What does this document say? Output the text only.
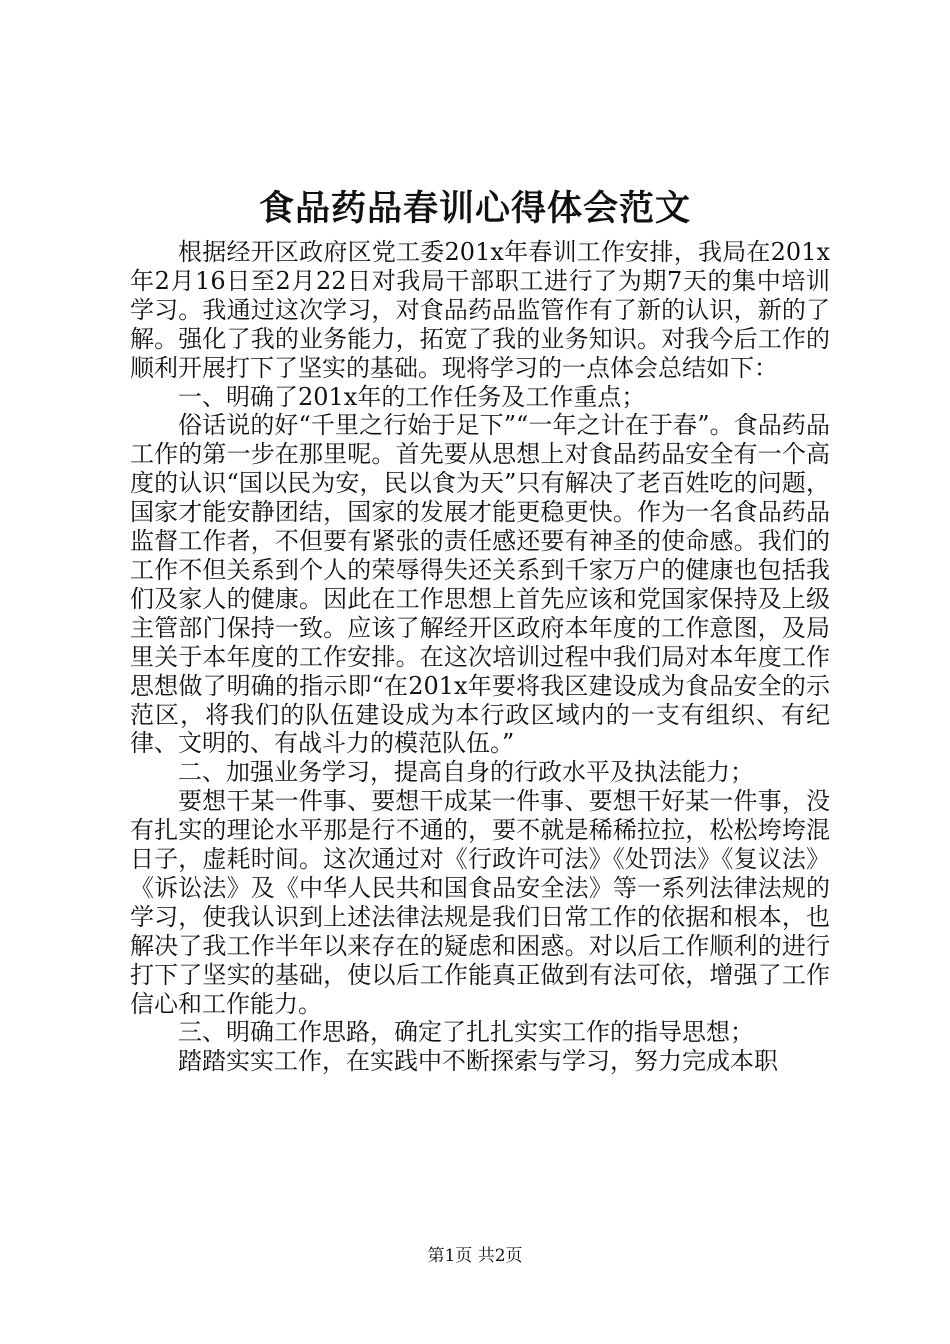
食品药品春训心得体会范文

根据经开区政府区党工委201x年春训工作安排，我局在201x年2月16日至2月22日对我局干部职工进行了为期7天的集中培训学习。我通过这次学习，对食品药品监管作有了新的认识，新的了解。强化了我的业务能力，拓宽了我的业务知识。对我今后工作的顺利开展打下了坚实的基础。现将学习的一点体会总结如下：

一、明确了201x年的工作任务及工作重点；

俗话说的好“千里之行始于足下”“一年之计在于春”。食品药品工作的第一步在那里呢。首先要从思想上对食品药品安全有一个高度的认识“国以民为安，民以食为天”只有解决了老百姓吃的问题，国家才能安静团结，国家的发展才能更稳更快。作为一名食品药品监督工作者，不但要有紧张的责任感还要有神圣的使命感。我们的工作不但关系到个人的荣辱得失还关系到千家万户的健康也包括我们及家人的健康。因此在工作思想上首先应该和党国家保持及上级主管部门保持一致。应该了解经开区政府本年度的工作意图，及局里关于本年度的工作安排。在这次培训过程中我们局对本年度工作思想做了明确的指示即“在201x年要将我区建设成为食品安全的示范区，将我们的队伍建设成为本行政区域内的一支有组织、有纪律、文明的、有战斗力的模范队伍。”

二、加强业务学习，提高自身的行政水平及执法能力；

要想干某一件事、要想干成某一件事、要想干好某一件事，没有扎实的理论水平那是行不通的，要不就是稀稀拉拉，松松垮垮混日子，虚耗时间。这次通过对《行政许可法》《处罚法》《复议法》《诉讼法》及《中华人民共和国食品安全法》等一系列法律法规的学习，使我认识到上述法律法规是我们日常工作的依据和根本，也解决了我工作半年以来存在的疑虑和困惑。对以后工作顺利的进行打下了坚实的基础，使以后工作能真正做到有法可依，增强了工作信心和工作能力。

三、明确工作思路，确定了扎扎实实工作的指导思想；

踏踏实实工作，在实践中不断探索与学习，努力完成本职

第1页 共2页
